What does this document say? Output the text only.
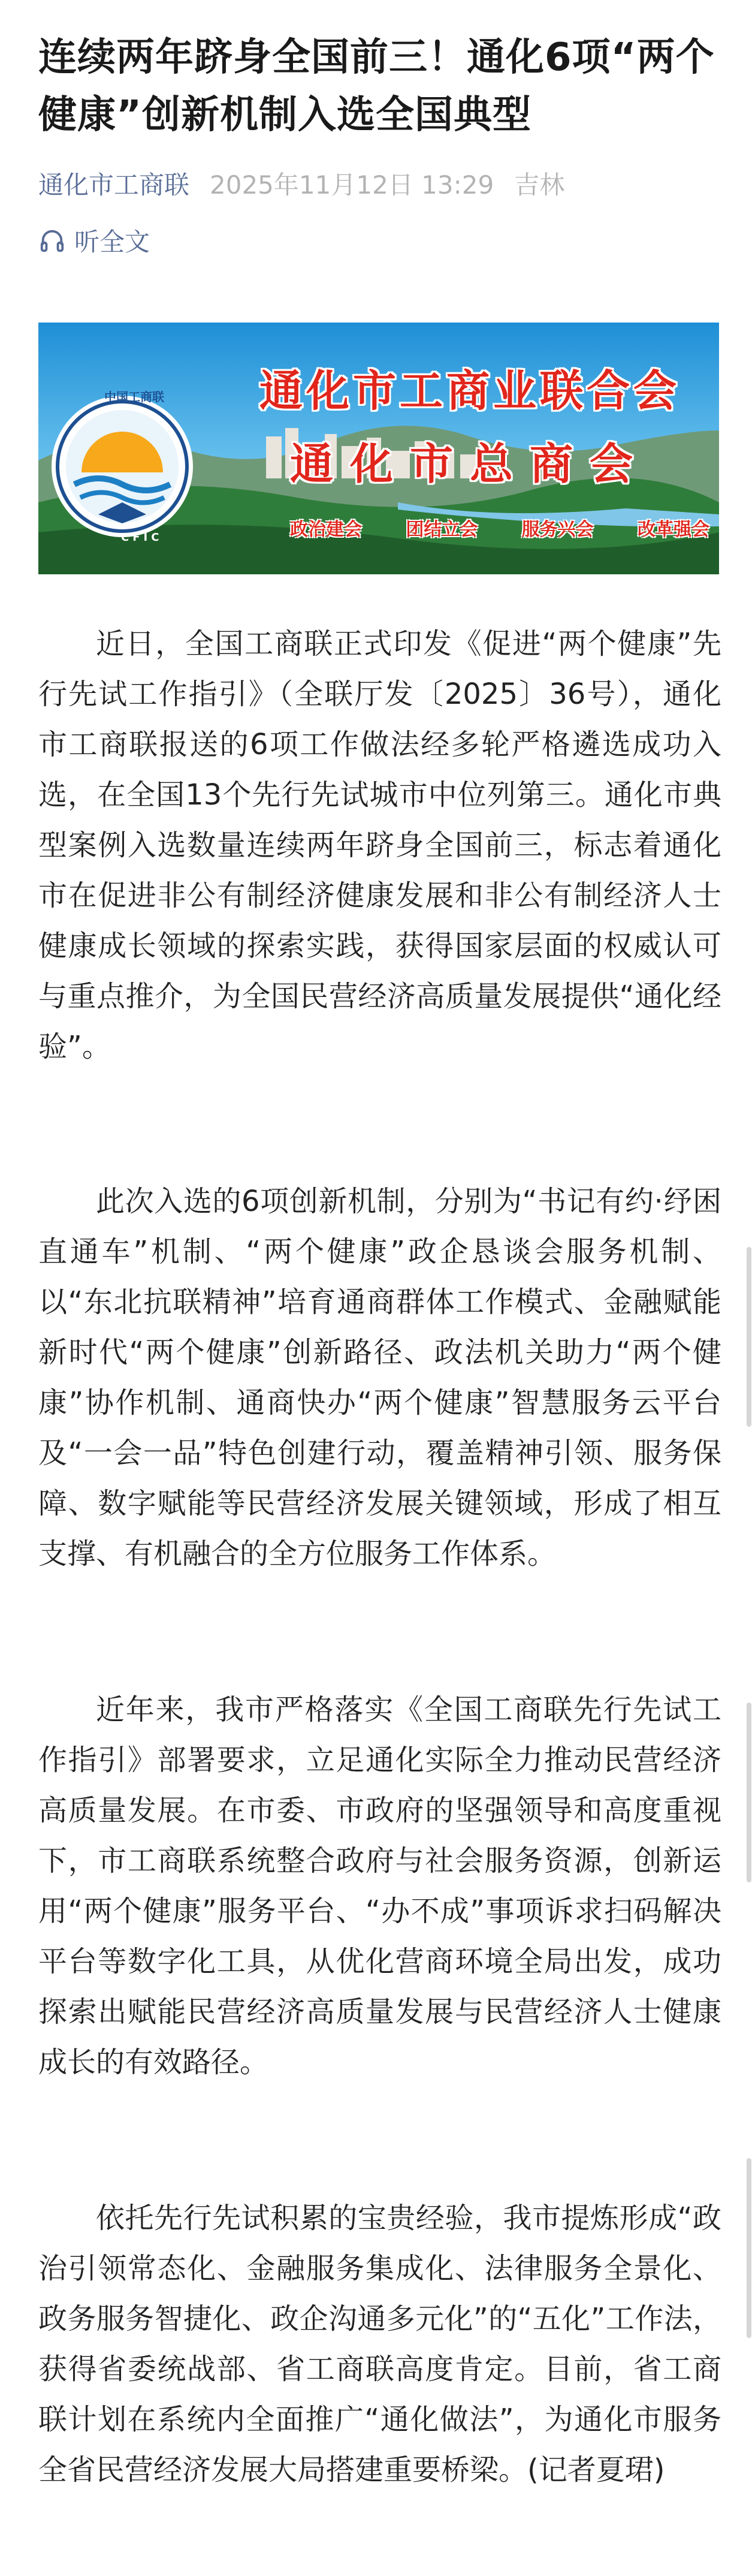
连续两年跻身全国前三！通化6项“两个健康”创新机制入选全国典型
通化市工商联 2025年11月12日 13:29 吉林
听全文
中国工商联
CFIC
通化市工商业联合会
通化市总商会
政治建会 团结立会 服务兴会 改革强会

近日，全国工商联正式印发《促进“两个健康”先行先试工作指引》（全联厅发〔2025〕36号），通化市工商联报送的6项工作做法经多轮严格遴选成功入选，在全国13个先行先试城市中位列第三。通化市典型案例入选数量连续两年跻身全国前三，标志着通化市在促进非公有制经济健康发展和非公有制经济人士健康成长领域的探索实践，获得国家层面的权威认可与重点推介，为全国民营经济高质量发展提供“通化经验”。

此次入选的6项创新机制，分别为“书记有约·纾困直通车”机制、“两个健康”政企恳谈会服务机制、以“东北抗联精神”培育通商群体工作模式、金融赋能新时代“两个健康”创新路径、政法机关助力“两个健康”协作机制、通商快办“两个健康”智慧服务云平台及“一会一品”特色创建行动，覆盖精神引领、服务保障、数字赋能等民营经济发展关键领域，形成了相互支撑、有机融合的全方位服务工作体系。

近年来，我市严格落实《全国工商联先行先试工作指引》部署要求，立足通化实际全力推动民营经济高质量发展。在市委、市政府的坚强领导和高度重视下，市工商联系统整合政府与社会服务资源，创新运用“两个健康”服务平台、“办不成”事项诉求扫码解决平台等数字化工具，从优化营商环境全局出发，成功探索出赋能民营经济高质量发展与民营经济人士健康成长的有效路径。

依托先行先试积累的宝贵经验，我市提炼形成“政治引领常态化、金融服务集成化、法律服务全景化、政务服务智捷化、政企沟通多元化”的“五化”工作法，获得省委统战部、省工商联高度肯定。目前，省工商联计划在系统内全面推广“通化做法”，为通化市服务全省民营经济发展大局搭建重要桥梁。(记者夏珺)
